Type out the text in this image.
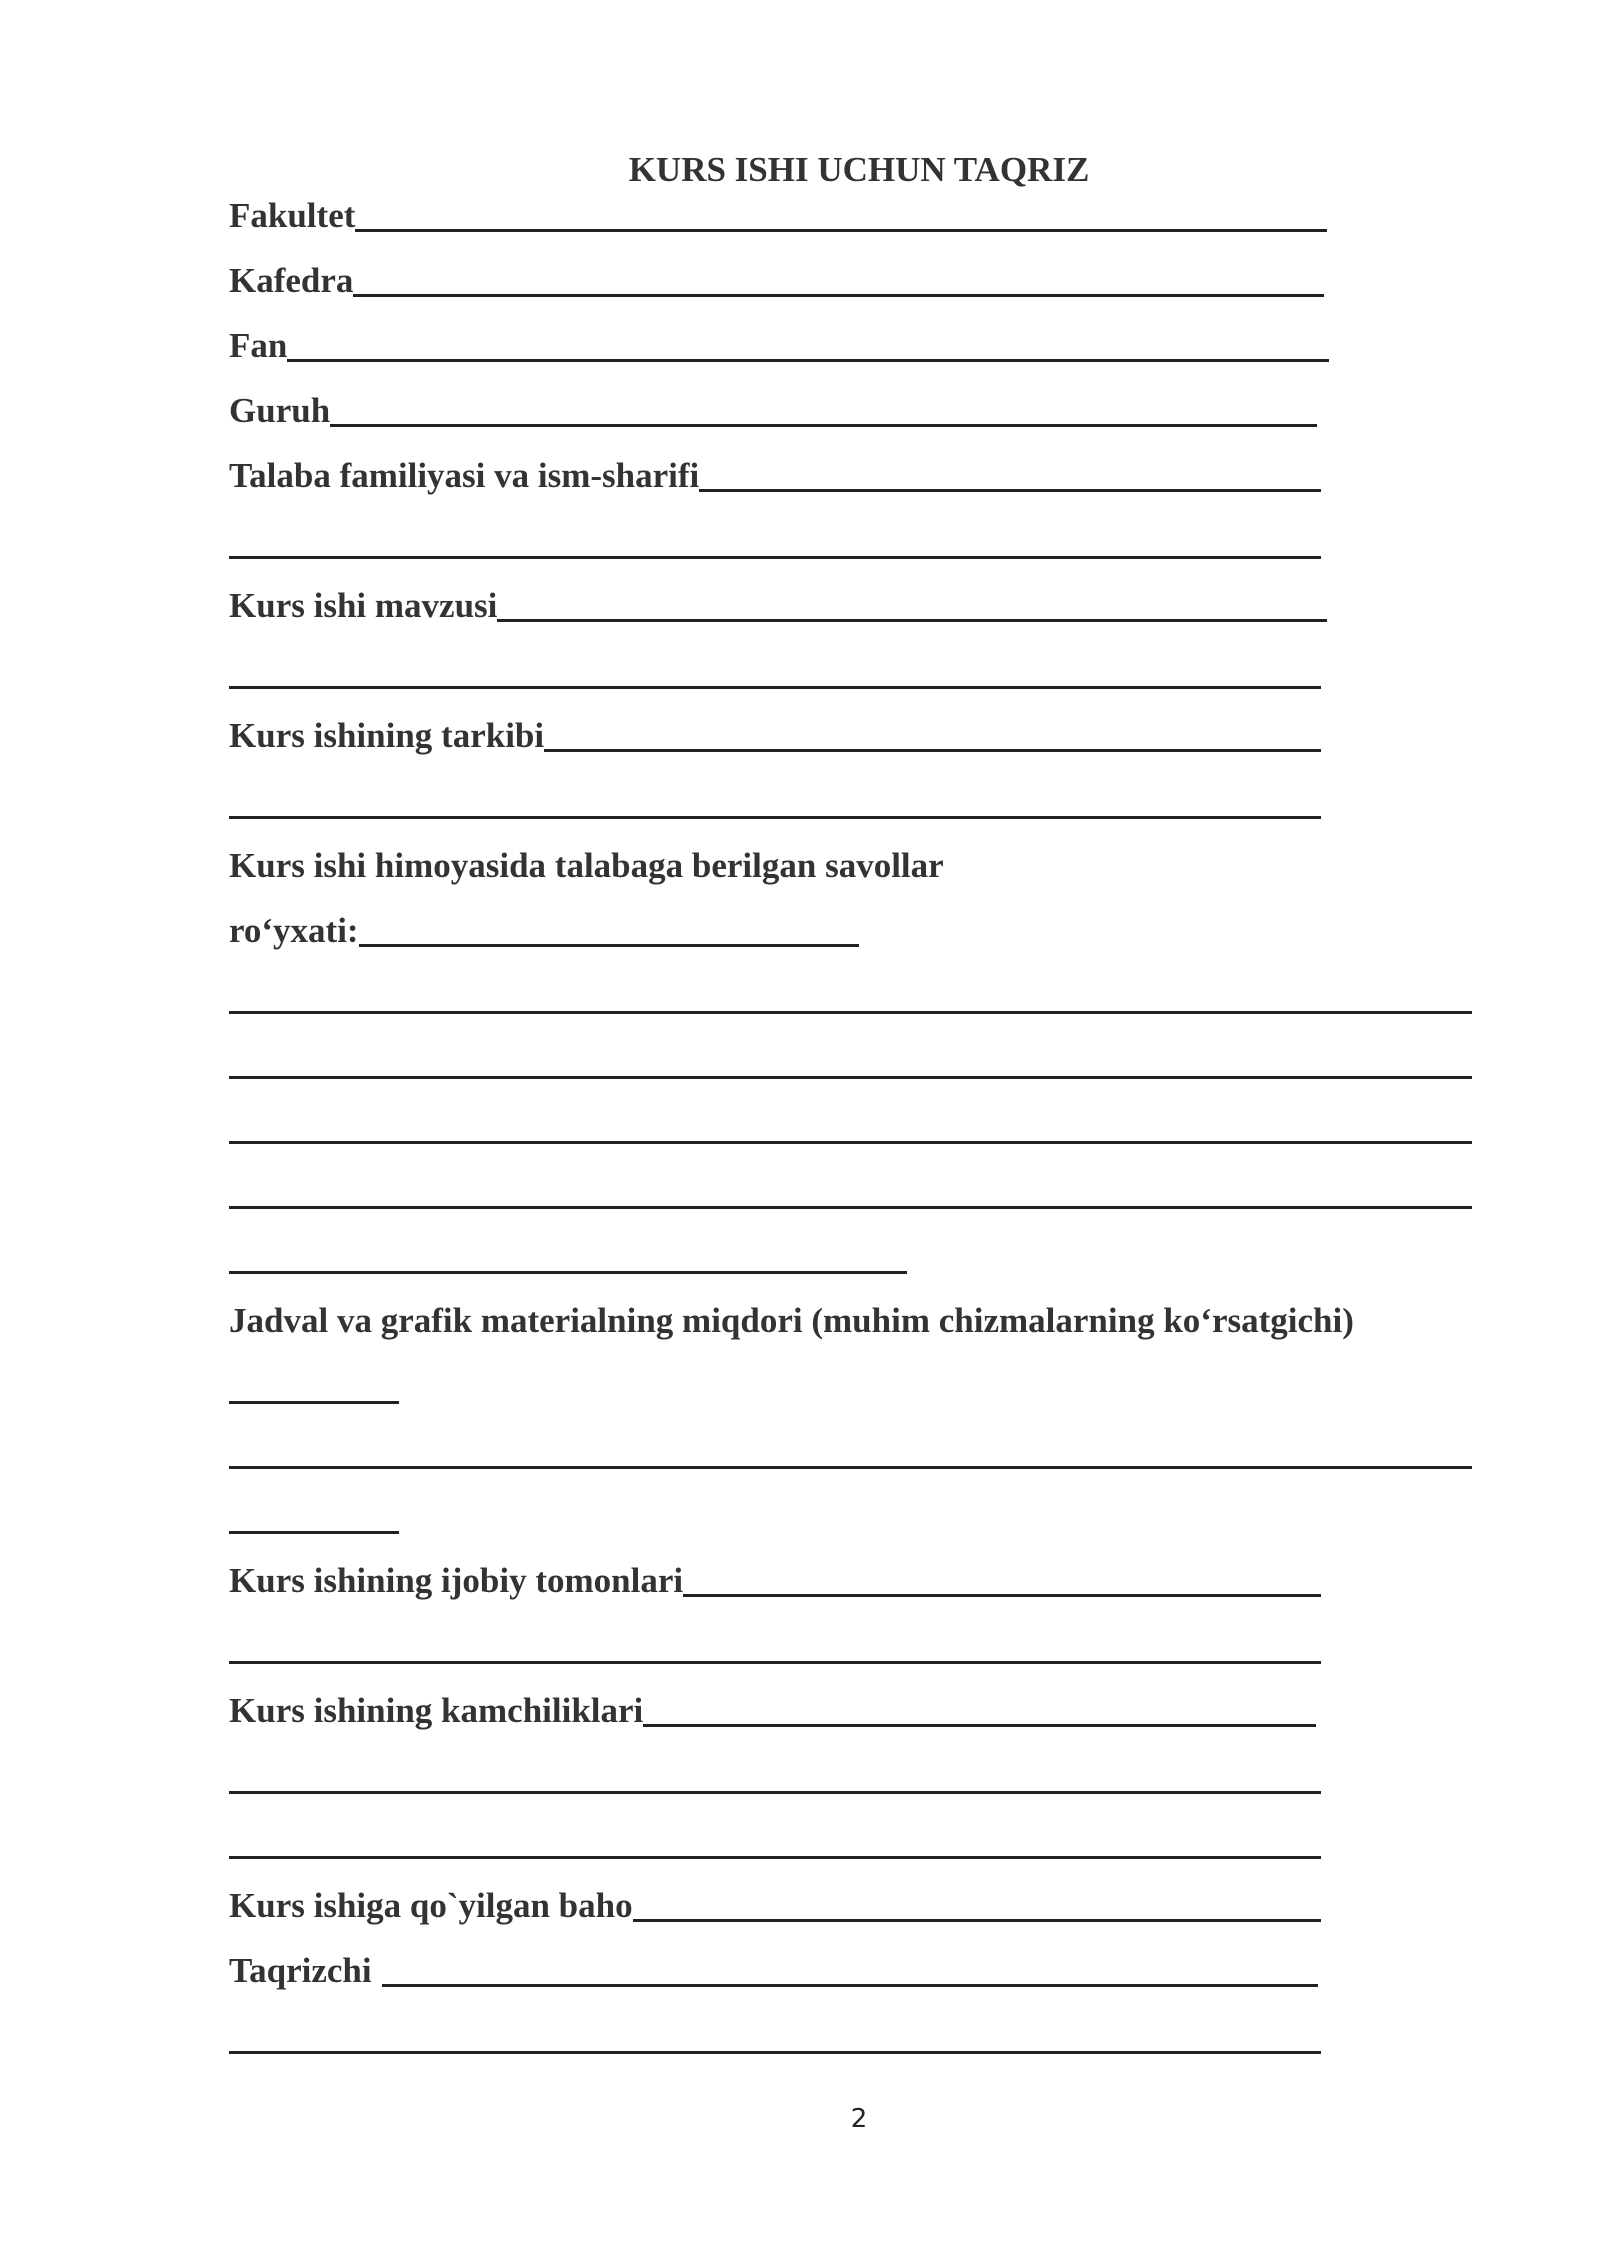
KURS ISHI UCHUN TAQRIZ
Fakultet
Kafedra
Fan
Guruh
Talaba familiyasi va ism-sharifi
Kurs ishi mavzusi
Kurs ishining tarkibi
Kurs ishi himoyasida talabaga berilgan savollar
ro‘yxati:
Jadval va grafik materialning miqdori (muhim chizmalarning ko‘rsatgichi)
Kurs ishining ijobiy tomonlari
Kurs ishining kamchiliklari
Kurs ishiga qo`yilgan baho
Taqrizchi
2
